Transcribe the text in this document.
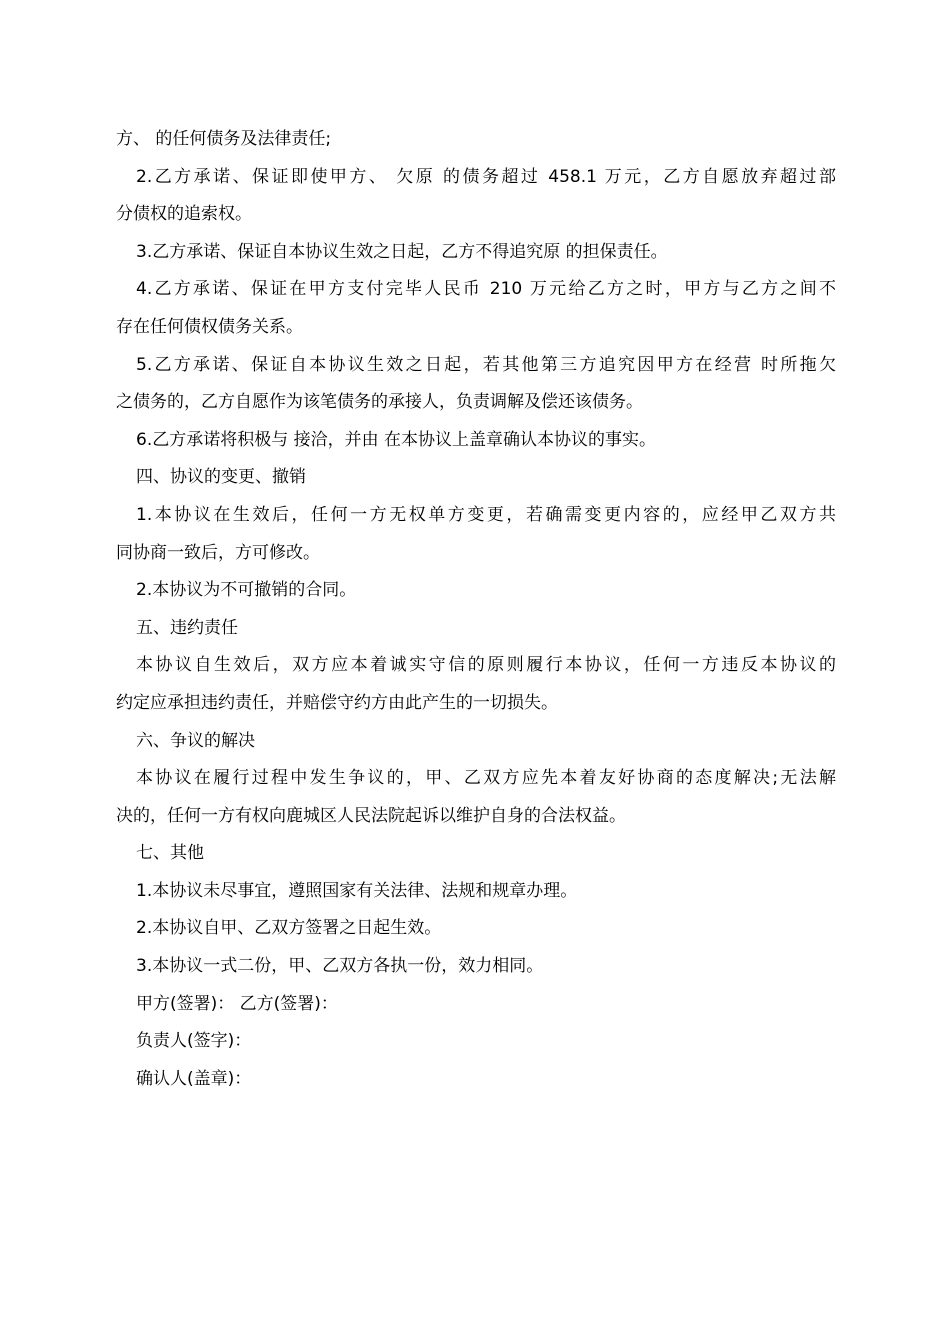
方、 的任何债务及法律责任;
2.乙方承诺、保证即使甲方、 欠原 的债务超过 458.1 万元，乙方自愿放弃超过部
分债权的追索权。
3.乙方承诺、保证自本协议生效之日起，乙方不得追究原 的担保责任。
4.乙方承诺、保证在甲方支付完毕人民币 210 万元给乙方之时，甲方与乙方之间不
存在任何债权债务关系。
5.乙方承诺、保证自本协议生效之日起，若其他第三方追究因甲方在经营 时所拖欠
之债务的，乙方自愿作为该笔债务的承接人，负责调解及偿还该债务。
6.乙方承诺将积极与 接洽，并由 在本协议上盖章确认本协议的事实。
四、协议的变更、撤销
1.本协议在生效后，任何一方无权单方变更，若确需变更内容的，应经甲乙双方共
同协商一致后，方可修改。
2.本协议为不可撤销的合同。
五、违约责任
本协议自生效后，双方应本着诚实守信的原则履行本协议，任何一方违反本协议的
约定应承担违约责任，并赔偿守约方由此产生的一切损失。
六、争议的解决
本协议在履行过程中发生争议的，甲、乙双方应先本着友好协商的态度解决;无法解
决的，任何一方有权向鹿城区人民法院起诉以维护自身的合法权益。
七、其他
1.本协议未尽事宜，遵照国家有关法律、法规和规章办理。
2.本协议自甲、乙双方签署之日起生效。
3.本协议一式二份，甲、乙双方各执一份，效力相同。
甲方(签署)： 乙方(签署)：
负责人(签字)：
确认人(盖章)：
